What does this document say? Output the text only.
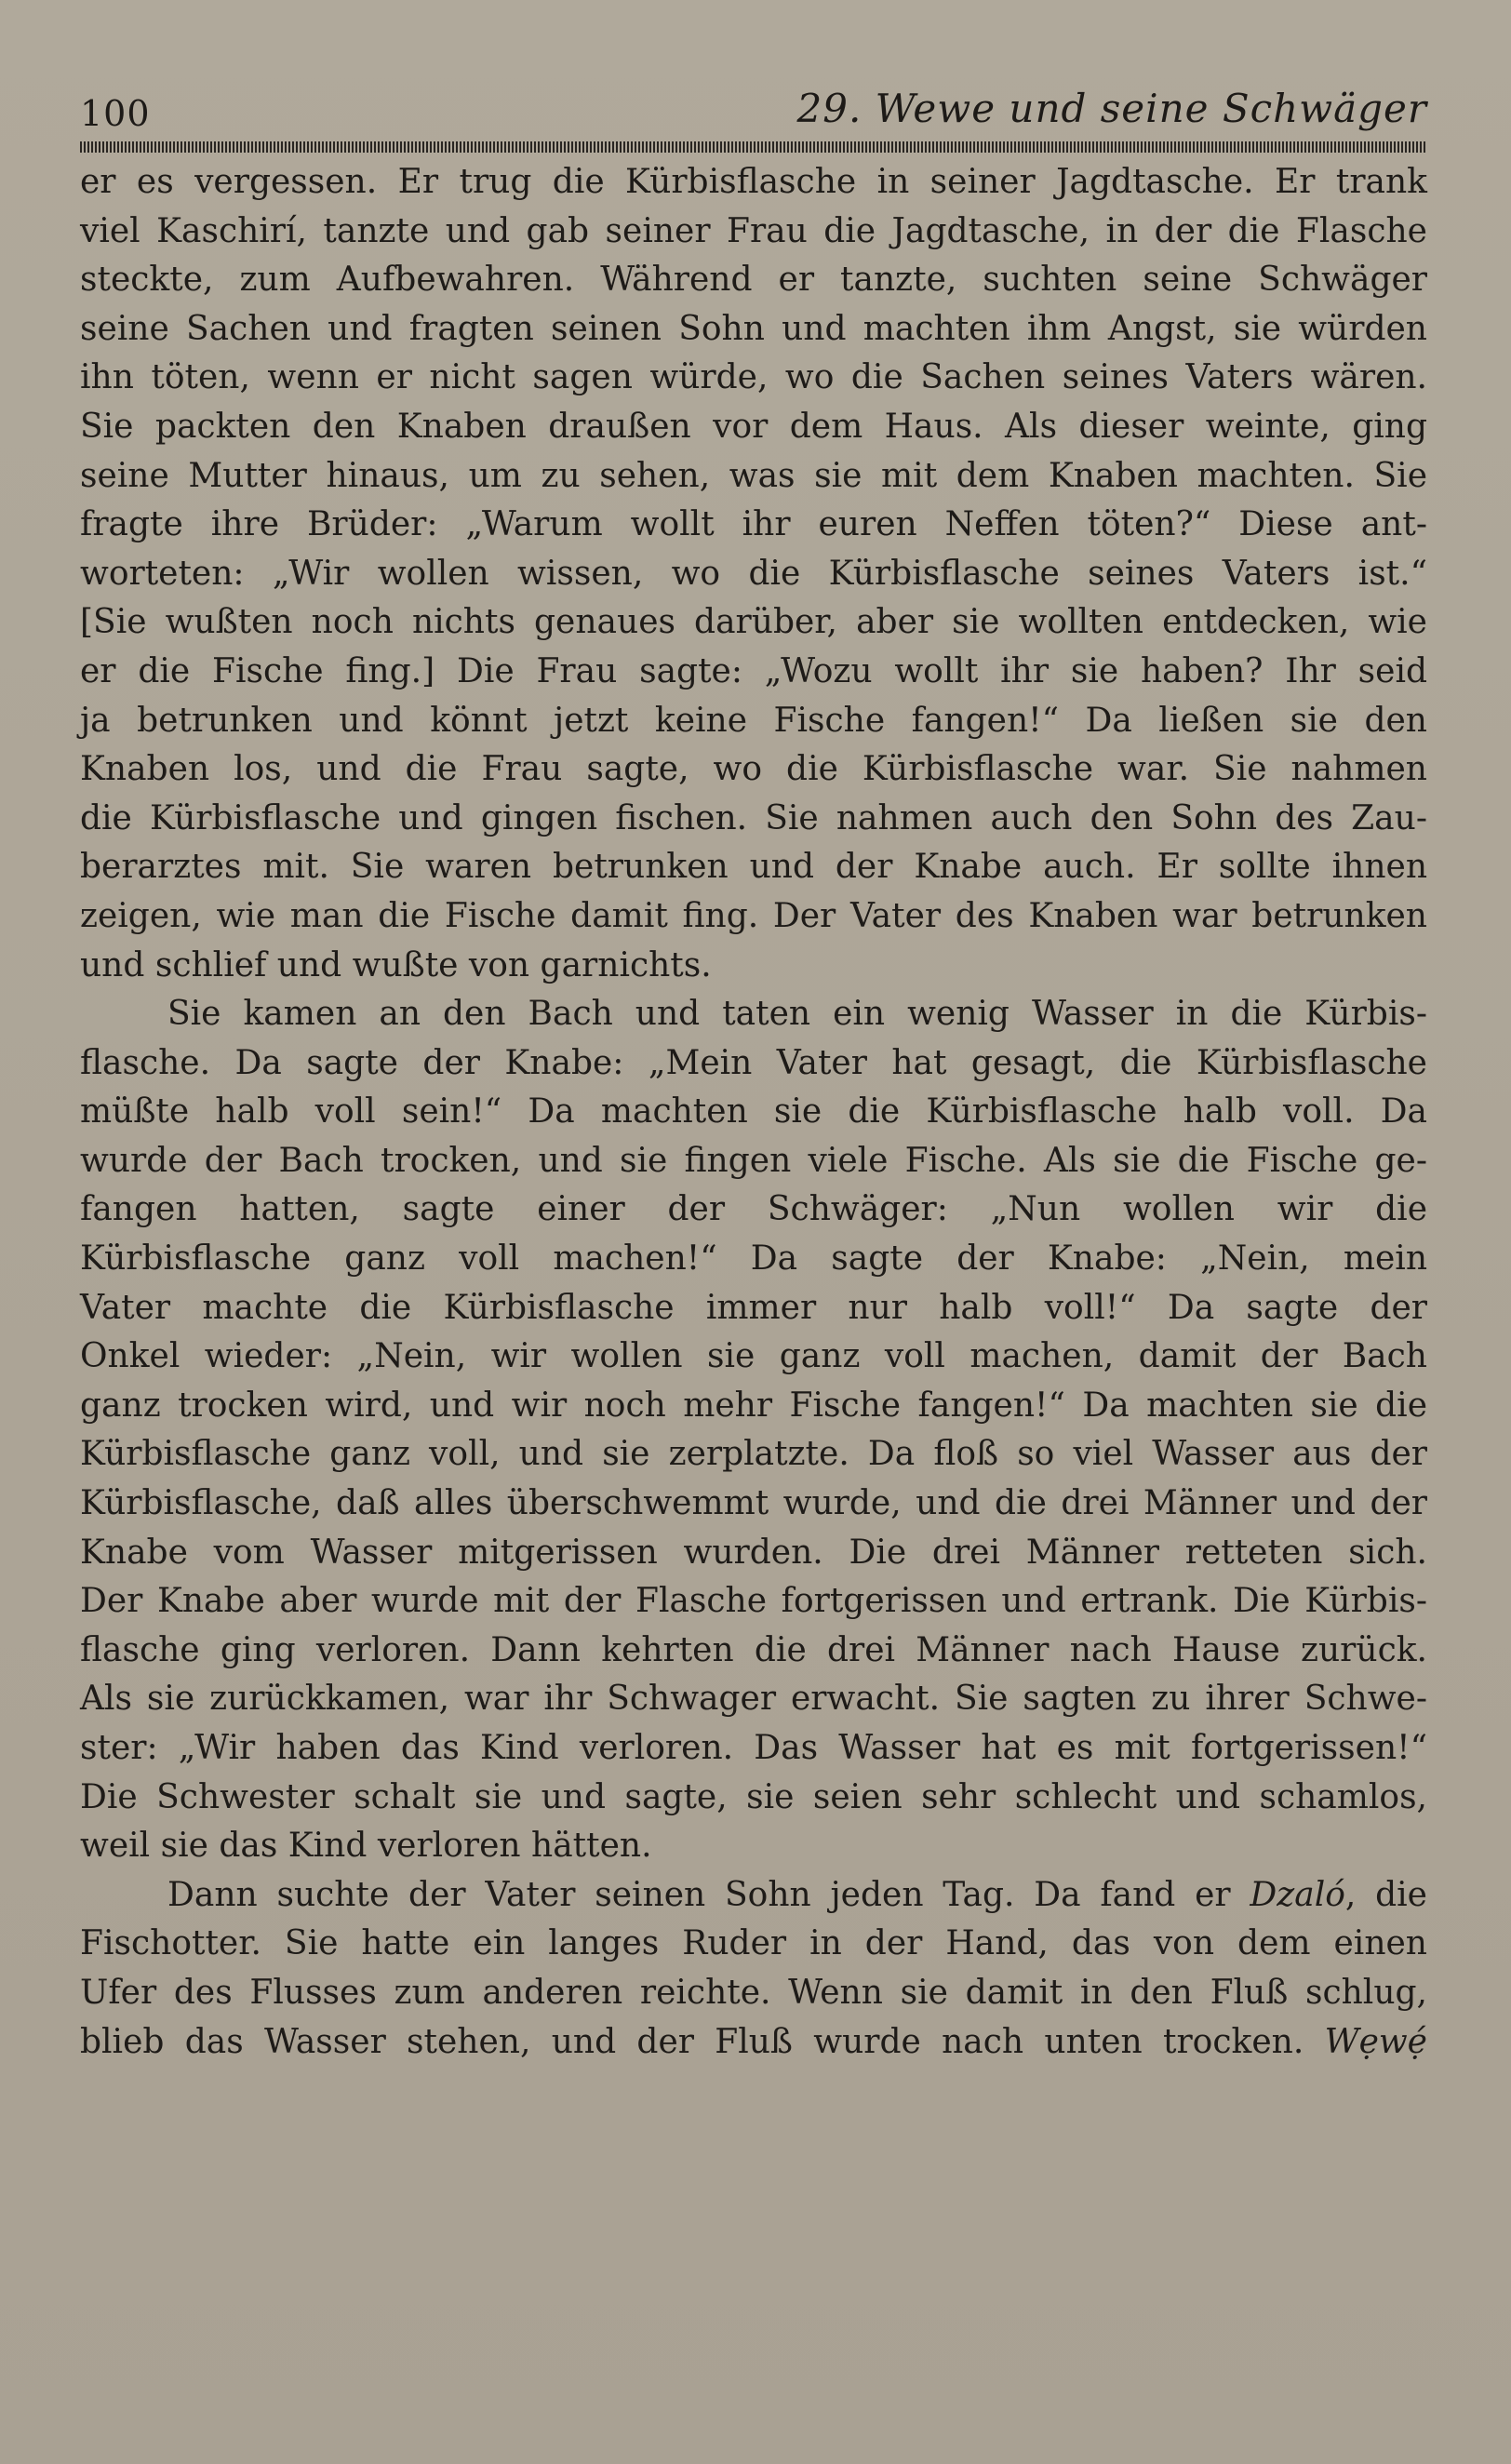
100	29. Wewe und seine Schwäger
er es vergessen. Er trug die Kürbisflasche in seiner Jagdtasche. Er trank
viel Kaschirí, tanzte und gab seiner Frau die Jagdtasche, in der die Flasche
steckte, zum Aufbewahren. Während er tanzte, suchten seine Schwäger
seine Sachen und fragten seinen Sohn und machten ihm Angst, sie würden
ihn töten, wenn er nicht sagen würde, wo die Sachen seines Vaters wären.
Sie packten den Knaben draußen vor dem Haus. Als dieser weinte, ging
seine Mutter hinaus, um zu sehen, was sie mit dem Knaben machten. Sie
fragte ihre Brüder: „Warum wollt ihr euren Neffen töten?“ Diese ant-
worteten: „Wir wollen wissen, wo die Kürbisflasche seines Vaters ist.“
[Sie wußten noch nichts genaues darüber, aber sie wollten entdecken, wie
er die Fische fing.] Die Frau sagte: „Wozu wollt ihr sie haben? Ihr seid
ja betrunken und könnt jetzt keine Fische fangen!“ Da ließen sie den
Knaben los, und die Frau sagte, wo die Kürbisflasche war. Sie nahmen
die Kürbisflasche und gingen fischen. Sie nahmen auch den Sohn des Zau-
berarztes mit. Sie waren betrunken und der Knabe auch. Er sollte ihnen
zeigen, wie man die Fische damit fing. Der Vater des Knaben war betrunken
und schlief und wußte von garnichts.
Sie kamen an den Bach und taten ein wenig Wasser in die Kürbis-
flasche. Da sagte der Knabe: „Mein Vater hat gesagt, die Kürbisflasche
müßte halb voll sein!“ Da machten sie die Kürbisflasche halb voll. Da
wurde der Bach trocken, und sie fingen viele Fische. Als sie die Fische ge-
fangen hatten, sagte einer der Schwäger: „Nun wollen wir die
Kürbisflasche ganz voll machen!“ Da sagte der Knabe: „Nein, mein
Vater machte die Kürbisflasche immer nur halb voll!“ Da sagte der
Onkel wieder: „Nein, wir wollen sie ganz voll machen, damit der Bach
ganz trocken wird, und wir noch mehr Fische fangen!“ Da machten sie die
Kürbisflasche ganz voll, und sie zerplatzte. Da floß so viel Wasser aus der
Kürbisflasche, daß alles überschwemmt wurde, und die drei Männer und der
Knabe vom Wasser mitgerissen wurden. Die drei Männer retteten sich.
Der Knabe aber wurde mit der Flasche fortgerissen und ertrank. Die Kürbis-
flasche ging verloren. Dann kehrten die drei Männer nach Hause zurück.
Als sie zurückkamen, war ihr Schwager erwacht. Sie sagten zu ihrer Schwe-
ster: „Wir haben das Kind verloren. Das Wasser hat es mit fortgerissen!“
Die Schwester schalt sie und sagte, sie seien sehr schlecht und schamlos,
weil sie das Kind verloren hätten.
Dann suchte der Vater seinen Sohn jeden Tag. Da fand er Dzaló, die
Fischotter. Sie hatte ein langes Ruder in der Hand, das von dem einen
Ufer des Flusses zum anderen reichte. Wenn sie damit in den Fluß schlug,
blieb das Wasser stehen, und der Fluß wurde nach unten trocken. Wẹwẹ́
